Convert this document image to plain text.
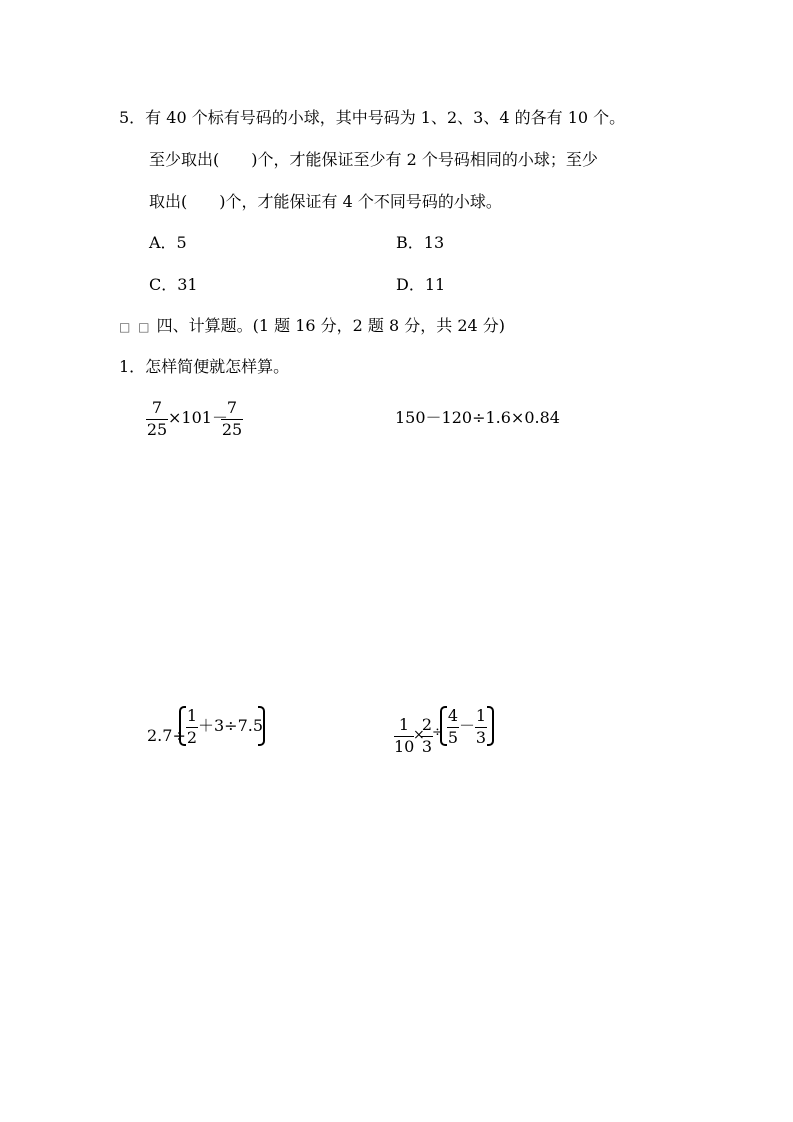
5．有 40 个标有号码的小球，其中号码为 1、2、3、4 的各有 10 个。
至少取出(　　)个，才能保证至少有 2 个号码相同的小球；至少
取出(　　)个，才能保证有 4 个不同号码的小球。
A．5	B．13
C．31	D．11
□ □ 四、计算题。(1 题 16 分，2 题 8 分，共 24 分)
1．怎样简便就怎样算。
7
25
×101－
7
25
150－120÷1.6×0.84
2.7÷
1
2
＋3÷7.5	1
10
×
2
3
÷
4
5
－
1
3
